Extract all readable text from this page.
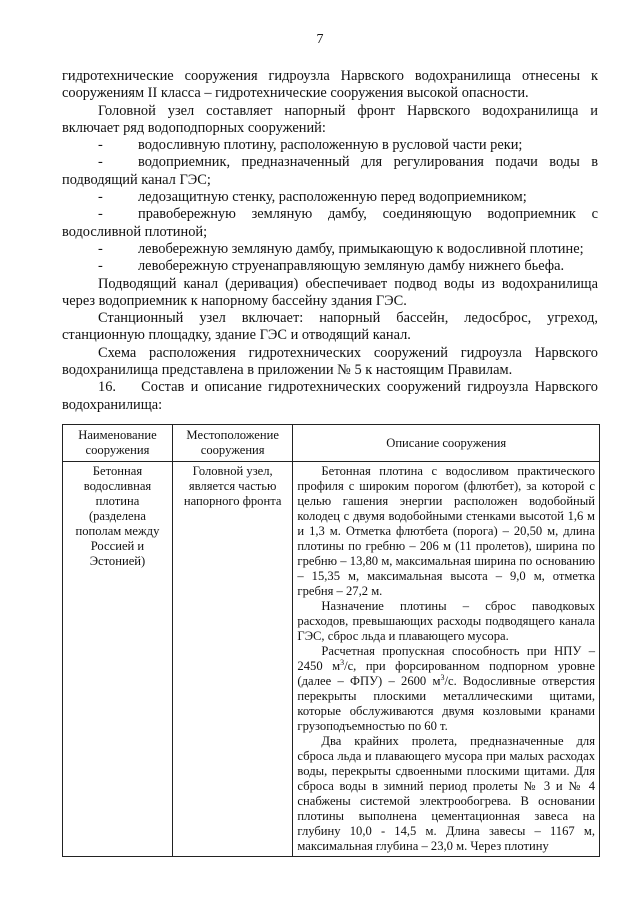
7

гидротехнические сооружения гидроузла Нарвского водохранилища отнесены к сооружениям II класса – гидротехнические сооружения высокой опасности.

Головной узел составляет напорный фронт Нарвского водохранилища и включает ряд водоподпорных сооружений:

- водосливную плотину, расположенную в русловой части реки;

- водоприемник, предназначенный для регулирования подачи воды в подводящий канал ГЭС;

- ледозащитную стенку, расположенную перед водоприемником;

- правобережную земляную дамбу, соединяющую водоприемник с водосливной плотиной;

- левобережную земляную дамбу, примыкающую к водосливной плотине;

- левобережную струенаправляющую земляную дамбу нижнего бьефа.

Подводящий канал (деривация) обеспечивает подвод воды из водохранилища через водоприемник к напорному бассейну здания ГЭС.

Станционный узел включает: напорный бассейн, ледосброс, угреход, станционную площадку, здание ГЭС и отводящий канал.

Схема расположения гидротехнических сооружений гидроузла Нарвского водохранилища представлена в приложении № 5 к настоящим Правилам.

16.    Состав и описание гидротехнических сооружений гидроузла Нарвского водохранилища:

Наименование сооружения	Местоположение сооружения	Описание сооружения
Бетонная водосливная плотина (разделена пополам между Россией и Эстонией)	Головной узел, является частью напорного фронта	Бетонная плотина с водосливом практического профиля с широким порогом (флютбет), за которой с целью гашения энергии расположен водобойный колодец с двумя водобойными стенками высотой 1,6 м и 1,3 м. Отметка флютбета (порога) – 20,50 м, длина плотины по гребню – 206 м (11 пролетов), ширина по гребню – 13,80 м, максимальная ширина по основанию – 15,35 м, максимальная высота – 9,0 м, отметка гребня – 27,2 м.

Назначение плотины – сброс паводковых расходов, превышающих расходы подводящего канала ГЭС, сброс льда и плавающего мусора.

Расчетная пропускная способность при НПУ – 2450 $м^3/с$, при форсированном подпорном уровне (далее – ФПУ) – 2600 $м^3/с$. Водосливные отверстия перекрыты плоскими металлическими щитами, которые обслуживаются двумя козловыми кранами грузоподъемностью по 60 т.

Два крайних пролета, предназначенные для сброса льда и плавающего мусора при малых расходах воды, перекрыты сдвоенными плоскими щитами. Для сброса воды в зимний период пролеты № 3 и № 4 снабжены системой электрообогрева. В основании плотины выполнена цементационная завеса на глубину 10,0 - 14,5 м. Длина завесы – 1167 м, максимальная глубина – 23,0 м. Через плотину
